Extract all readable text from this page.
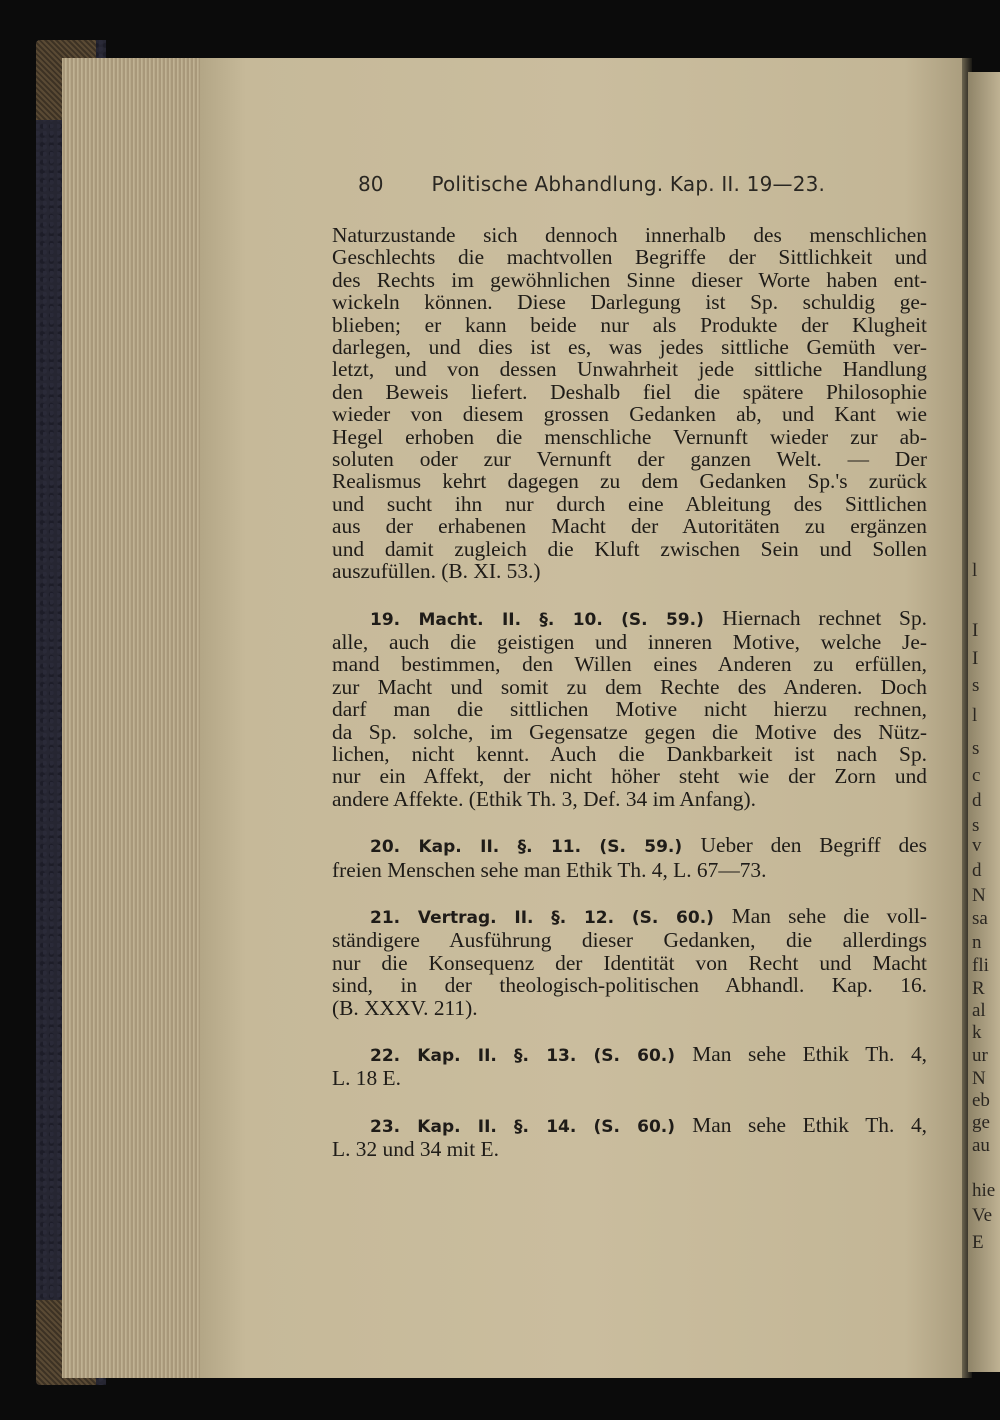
l
I
I
s
l
s
c
d
s
v
d
N
sa
n
fli
R
al
k
ur
N
eb
ge
au
hie
Ve
E
80 Politische Abhandlung. Kap. II. 19—23.
Naturzustande sich dennoch innerhalb des menschlichen
Geschlechts die machtvollen Begriffe der Sittlichkeit und
des Rechts im gewöhnlichen Sinne dieser Worte haben ent-
wickeln können. Diese Darlegung ist Sp. schuldig ge-
blieben; er kann beide nur als Produkte der Klugheit
darlegen, und dies ist es, was jedes sittliche Gemüth ver-
letzt, und von dessen Unwahrheit jede sittliche Handlung
den Beweis liefert. Deshalb fiel die spätere Philosophie
wieder von diesem grossen Gedanken ab, und Kant wie
Hegel erhoben die menschliche Vernunft wieder zur ab-
soluten oder zur Vernunft der ganzen Welt. — Der
Realismus kehrt dagegen zu dem Gedanken Sp.'s zurück
und sucht ihn nur durch eine Ableitung des Sittlichen
aus der erhabenen Macht der Autoritäten zu ergänzen
und damit zugleich die Kluft zwischen Sein und Sollen
auszufüllen. (B. XI. 53.)
19. Macht. II. §. 10. (S. 59.) Hiernach rechnet Sp.
alle, auch die geistigen und inneren Motive, welche Je-
mand bestimmen, den Willen eines Anderen zu erfüllen,
zur Macht und somit zu dem Rechte des Anderen. Doch
darf man die sittlichen Motive nicht hierzu rechnen,
da Sp. solche, im Gegensatze gegen die Motive des Nütz-
lichen, nicht kennt. Auch die Dankbarkeit ist nach Sp.
nur ein Affekt, der nicht höher steht wie der Zorn und
andere Affekte. (Ethik Th. 3, Def. 34 im Anfang).
20. Kap. II. §. 11. (S. 59.) Ueber den Begriff des
freien Menschen sehe man Ethik Th. 4, L. 67—73.
21. Vertrag. II. §. 12. (S. 60.) Man sehe die voll-
ständigere Ausführung dieser Gedanken, die allerdings
nur die Konsequenz der Identität von Recht und Macht
sind, in der theologisch-politischen Abhandl. Kap. 16.
(B. XXXV. 211).
22. Kap. II. §. 13. (S. 60.) Man sehe Ethik Th. 4,
L. 18 E.
23. Kap. II. §. 14. (S. 60.) Man sehe Ethik Th. 4,
L. 32 und 34 mit E.
